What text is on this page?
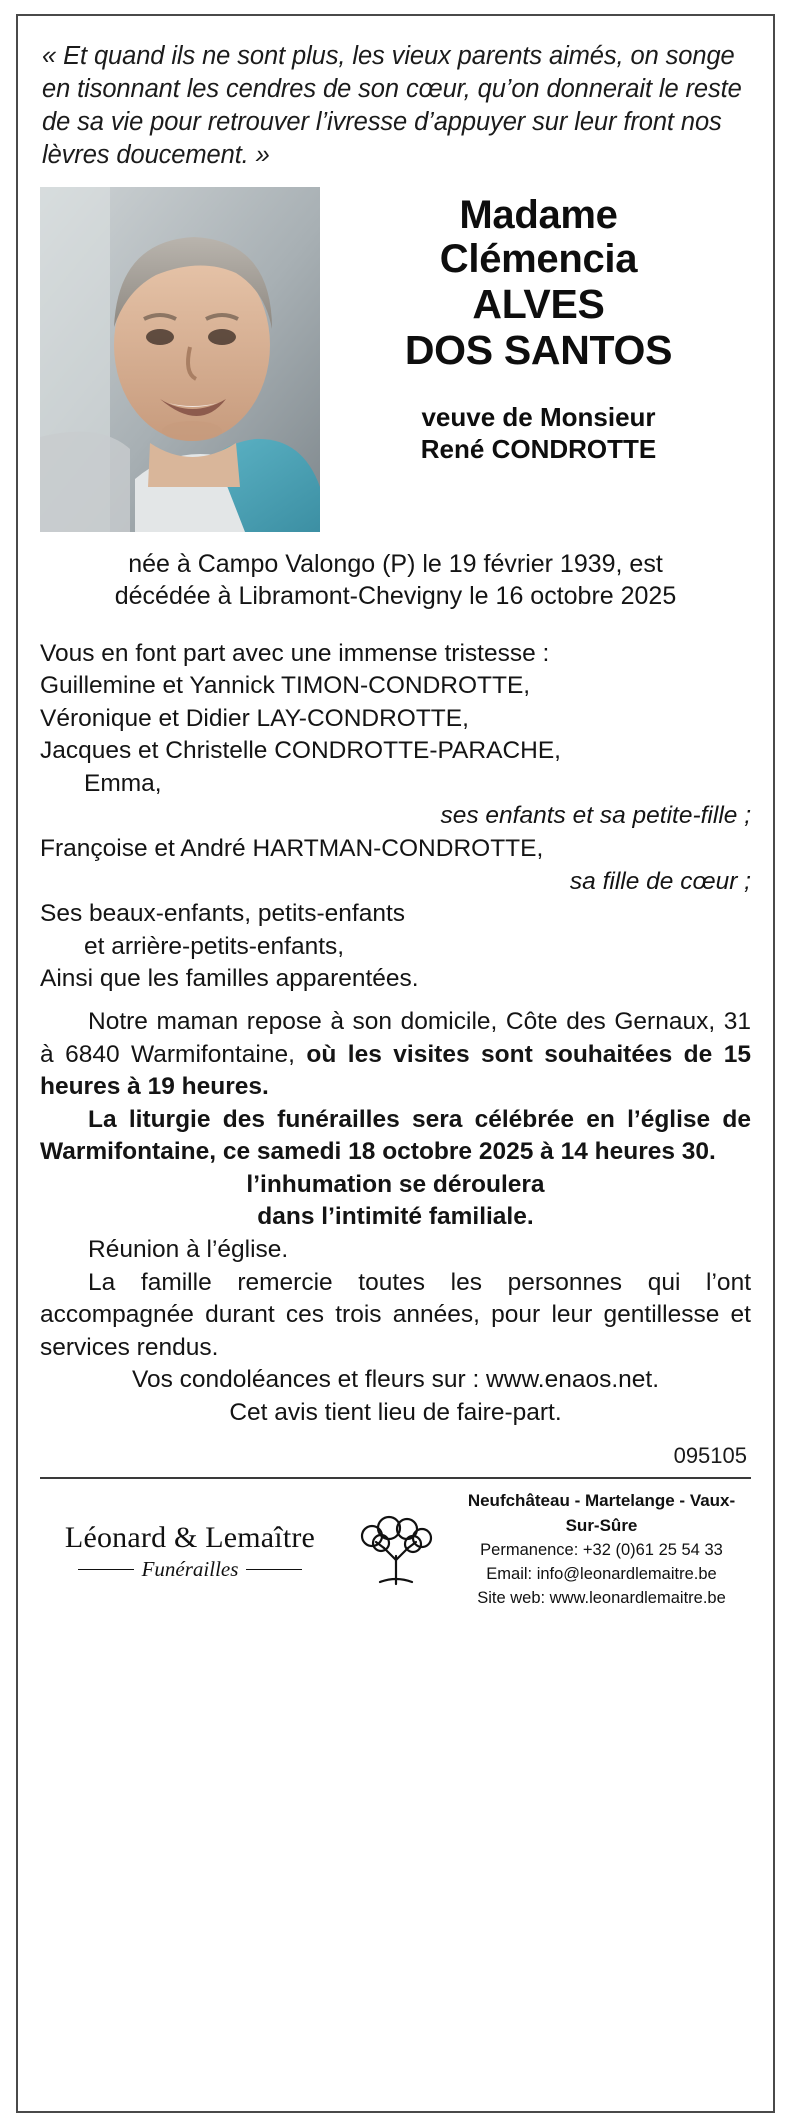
« Et quand ils ne sont plus, les vieux parents aimés, on songe en tisonnant les cendres de son cœur, qu’on donnerait le reste de sa vie pour retrouver l’ivresse d’appuyer sur leur front nos lèvres doucement. »
Madame
Clémencia
ALVES
DOS SANTOS
veuve de Monsieur
René CONDROTTE
née à Campo Valongo (P) le 19 février 1939, est
décédée à Libramont-Chevigny le 16 octobre 2025

Vous en font part avec une immense tristesse :

Guillemine et Yannick TIMON-CONDROTTE,

Véronique et Didier LAY-CONDROTTE,

Jacques et Christelle CONDROTTE-PARACHE,

Emma,

ses enfants et sa petite-fille ;

Françoise et André HARTMAN-CONDROTTE,

sa fille de cœur ;

Ses beaux-enfants, petits-enfants

et arrière-petits-enfants,

Ainsi que les familles apparentées.

Notre maman repose à son domicile, Côte des Gernaux, 31 à 6840 Warmifontaine, où les visites sont souhaitées de 15 heures à 19 heures.

La liturgie des funérailles sera célébrée en l’église de Warmifontaine, ce samedi 18 octobre 2025 à 14 heures 30.

l’inhumation se déroulera

dans l’intimité familiale.

Réunion à l’église.

La famille remercie toutes les personnes qui l’ont accompagnée durant ces trois années, pour leur gentillesse et services rendus.

Vos condoléances et fleurs sur : www.enaos.net.

Cet avis tient lieu de faire-part.

095105
Léonard & Lemaître
Funérailles
Neufchâteau - Martelange - Vaux-Sur-Sûre
Permanence: +32 (0)61 25 54 33
Email: info@leonardlemaitre.be
Site web: www.leonardlemaitre.be
